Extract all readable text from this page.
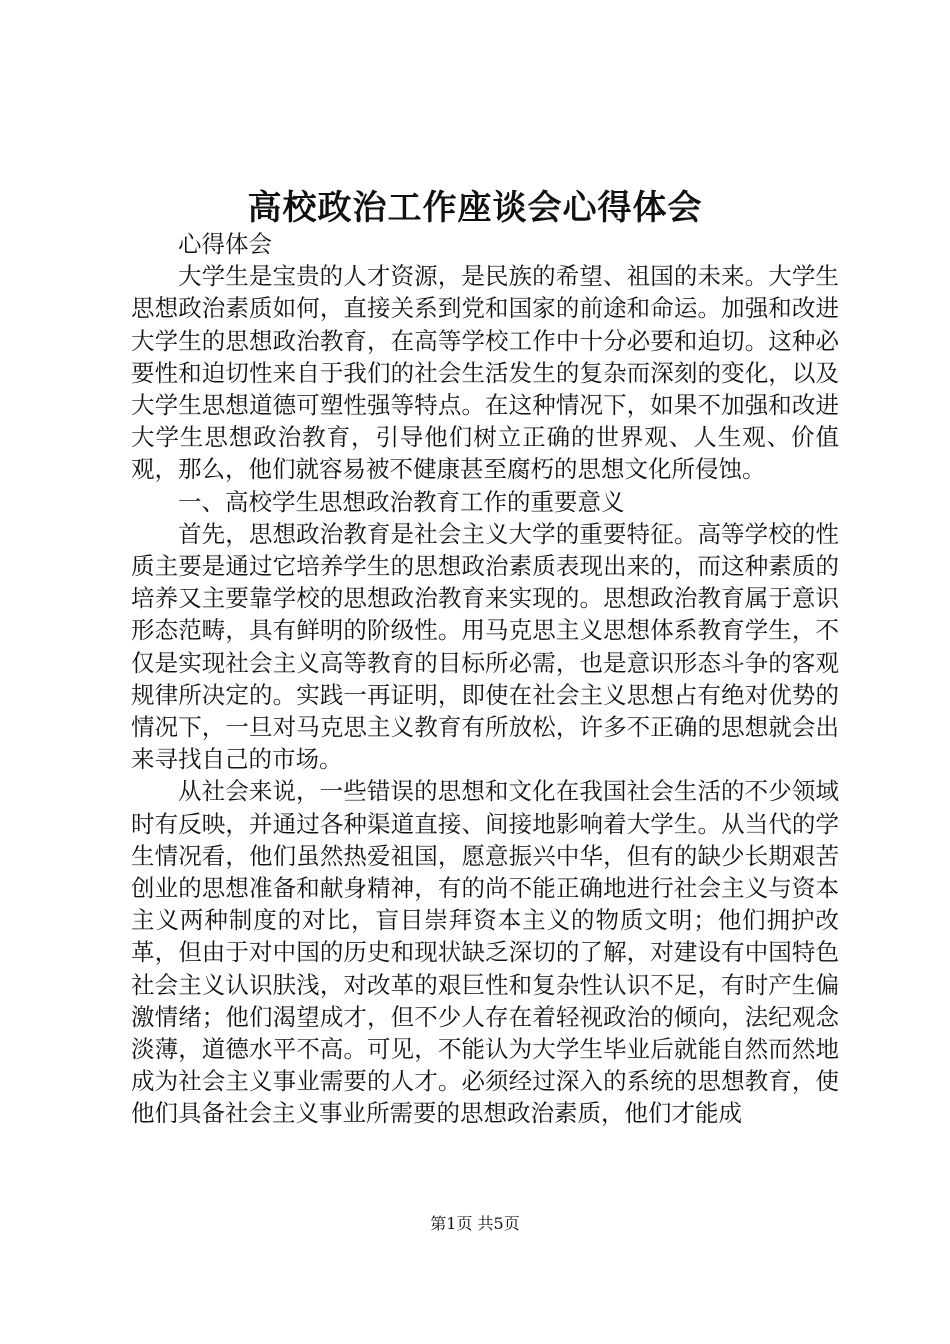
高校政治工作座谈会心得体会

心得体会

大学生是宝贵的人才资源，是民族的希望、祖国的未来。大学生思想政治素质如何，直接关系到党和国家的前途和命运。加强和改进大学生的思想政治教育，在高等学校工作中十分必要和迫切。这种必要性和迫切性来自于我们的社会生活发生的复杂而深刻的变化，以及大学生思想道德可塑性强等特点。在这种情况下，如果不加强和改进大学生思想政治教育，引导他们树立正确的世界观、人生观、价值观，那么，他们就容易被不健康甚至腐朽的思想文化所侵蚀。

一、高校学生思想政治教育工作的重要意义

首先，思想政治教育是社会主义大学的重要特征。高等学校的性质主要是通过它培养学生的思想政治素质表现出来的，而这种素质的培养又主要靠学校的思想政治教育来实现的。思想政治教育属于意识形态范畴，具有鲜明的阶级性。用马克思主义思想体系教育学生，不仅是实现社会主义高等教育的目标所必需，也是意识形态斗争的客观规律所决定的。实践一再证明，即使在社会主义思想占有绝对优势的情况下，一旦对马克思主义教育有所放松，许多不正确的思想就会出来寻找自己的市场。

从社会来说，一些错误的思想和文化在我国社会生活的不少领域时有反映，并通过各种渠道直接、间接地影响着大学生。从当代的学生情况看，他们虽然热爱祖国，愿意振兴中华，但有的缺少长期艰苦创业的思想准备和献身精神，有的尚不能正确地进行社会主义与资本主义两种制度的对比，盲目崇拜资本主义的物质文明；他们拥护改革，但由于对中国的历史和现状缺乏深切的了解，对建设有中国特色社会主义认识肤浅，对改革的艰巨性和复杂性认识不足，有时产生偏激情绪；他们渴望成才，但不少人存在着轻视政治的倾向，法纪观念淡薄，道德水平不高。可见，不能认为大学生毕业后就能自然而然地成为社会主义事业需要的人才。必须经过深入的系统的思想教育，使他们具备社会主义事业所需要的思想政治素质，他们才能成

第1页 共5页
